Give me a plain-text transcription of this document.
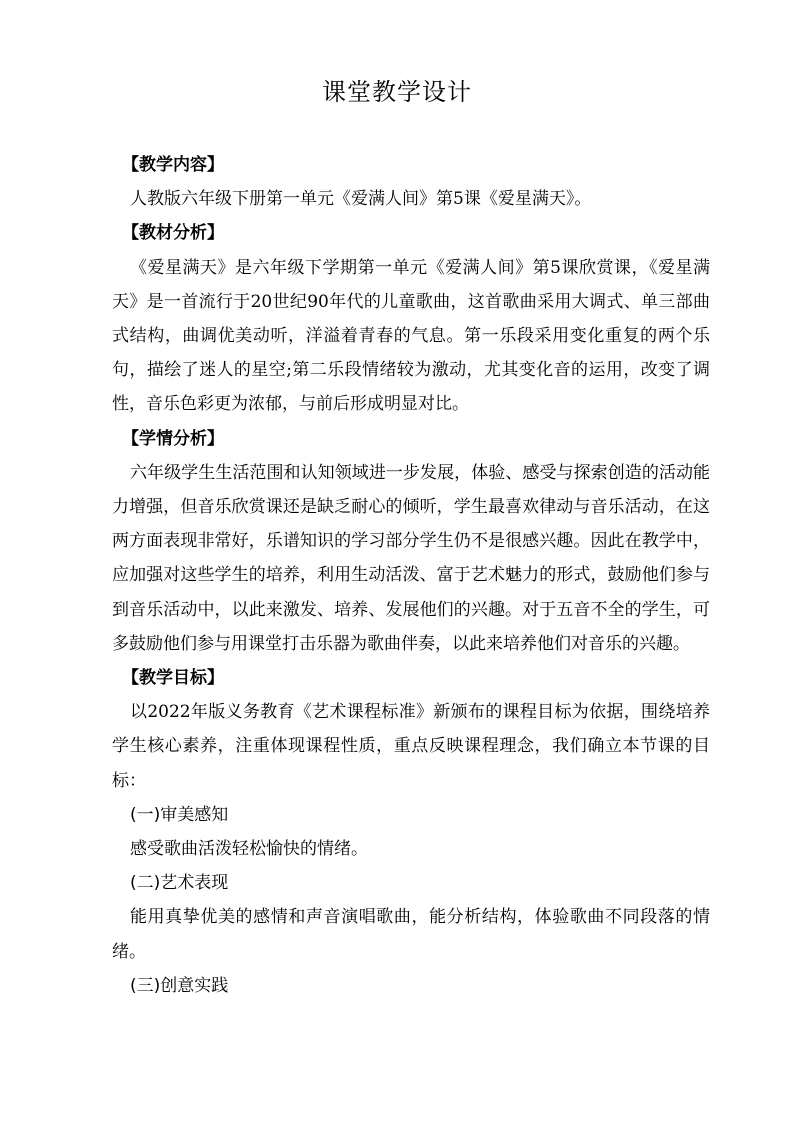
课堂教学设计

【教学内容】

人教版六年级下册第一单元《爱满人间》第5课《爱星满天》。

【教材分析】

《爱星满天》是六年级下学期第一单元《爱满人间》第5课欣赏课，《爱星满天》是一首流行于20世纪90年代的儿童歌曲，这首歌曲采用大调式、单三部曲式结构，曲调优美动听，洋溢着青春的气息。第一乐段采用变化重复的两个乐句，描绘了迷人的星空;第二乐段情绪较为激动，尤其变化音的运用，改变了调性，音乐色彩更为浓郁，与前后形成明显对比。

【学情分析】

六年级学生生活范围和认知领域进一步发展，体验、感受与探索创造的活动能力增强，但音乐欣赏课还是缺乏耐心的倾听，学生最喜欢律动与音乐活动，在这两方面表现非常好，乐谱知识的学习部分学生仍不是很感兴趣。因此在教学中，应加强对这些学生的培养，利用生动活泼、富于艺术魅力的形式，鼓励他们参与到音乐活动中，以此来激发、培养、发展他们的兴趣。对于五音不全的学生，可多鼓励他们参与用课堂打击乐器为歌曲伴奏，以此来培养他们对音乐的兴趣。

【教学目标】

以2022年版义务教育《艺术课程标准》新颁布的课程目标为依据，围绕培养学生核心素养，注重体现课程性质，重点反映课程理念，我们确立本节课的目标：

(一)审美感知

感受歌曲活泼轻松愉快的情绪。

(二)艺术表现

能用真挚优美的感情和声音演唱歌曲，能分析结构，体验歌曲不同段落的情绪。

(三)创意实践
